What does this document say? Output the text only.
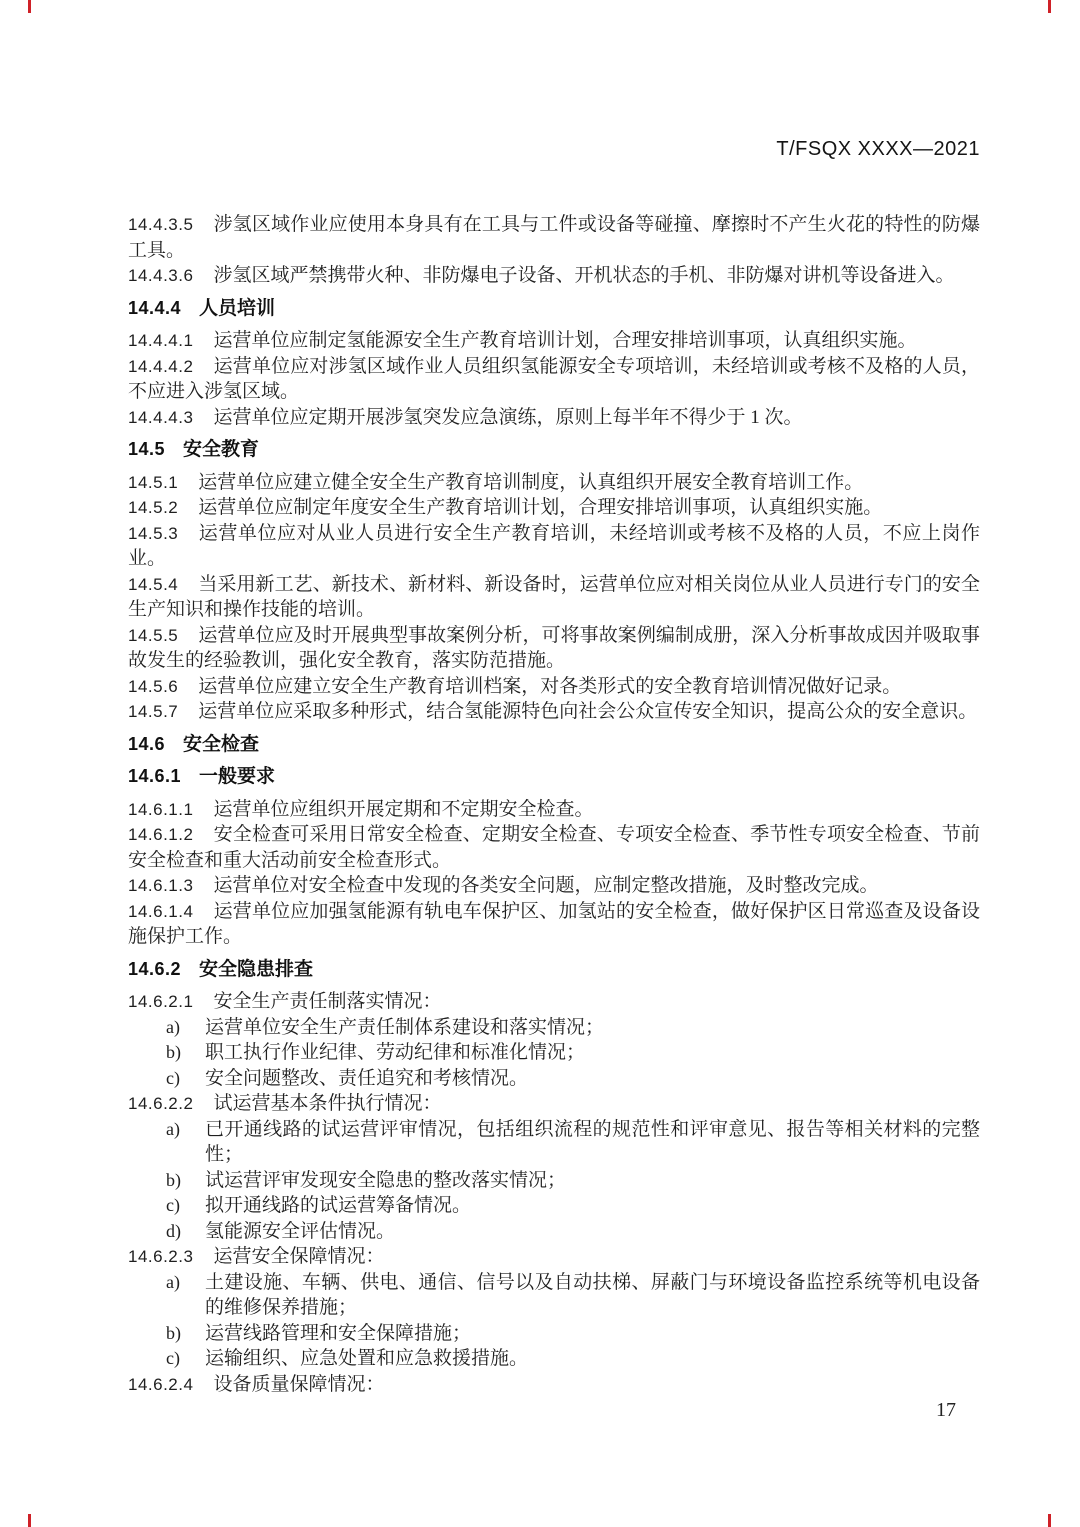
T/FSQX XXXX—2021

14.4.3.5 涉氢区域作业应使用本身具有在工具与工件或设备等碰撞、摩擦时不产生火花的特性的防爆工具。

14.4.3.6 涉氢区域严禁携带火种、非防爆电子设备、开机状态的手机、非防爆对讲机等设备进入。

14.4.4 人员培训

14.4.4.1 运营单位应制定氢能源安全生产教育培训计划，合理安排培训事项，认真组织实施。

14.4.4.2 运营单位应对涉氢区域作业人员组织氢能源安全专项培训，未经培训或考核不及格的人员，不应进入涉氢区域。

14.4.4.3 运营单位应定期开展涉氢突发应急演练，原则上每半年不得少于 1 次。

14.5 安全教育

14.5.1 运营单位应建立健全安全生产教育培训制度，认真组织开展安全教育培训工作。

14.5.2 运营单位应制定年度安全生产教育培训计划，合理安排培训事项，认真组织实施。

14.5.3 运营单位应对从业人员进行安全生产教育培训，未经培训或考核不及格的人员，不应上岗作业。

14.5.4 当采用新工艺、新技术、新材料、新设备时，运营单位应对相关岗位从业人员进行专门的安全生产知识和操作技能的培训。

14.5.5 运营单位应及时开展典型事故案例分析，可将事故案例编制成册，深入分析事故成因并吸取事故发生的经验教训，强化安全教育，落实防范措施。

14.5.6 运营单位应建立安全生产教育培训档案，对各类形式的安全教育培训情况做好记录。

14.5.7 运营单位应采取多种形式，结合氢能源特色向社会公众宣传安全知识，提高公众的安全意识。

14.6 安全检查

14.6.1 一般要求

14.6.1.1 运营单位应组织开展定期和不定期安全检查。

14.6.1.2 安全检查可采用日常安全检查、定期安全检查、专项安全检查、季节性专项安全检查、节前安全检查和重大活动前安全检查形式。

14.6.1.3 运营单位对安全检查中发现的各类安全问题，应制定整改措施，及时整改完成。

14.6.1.4 运营单位应加强氢能源有轨电车保护区、加氢站的安全检查，做好保护区日常巡查及设备设施保护工作。

14.6.2 安全隐患排查

14.6.2.1 安全生产责任制落实情况：

a) 运营单位安全生产责任制体系建设和落实情况；

b) 职工执行作业纪律、劳动纪律和标准化情况；

c) 安全问题整改、责任追究和考核情况。

14.6.2.2 试运营基本条件执行情况：

a) 已开通线路的试运营评审情况，包括组织流程的规范性和评审意见、报告等相关材料的完整性；

b) 试运营评审发现安全隐患的整改落实情况；

c) 拟开通线路的试运营筹备情况。

d) 氢能源安全评估情况。

14.6.2.3 运营安全保障情况：

a) 土建设施、车辆、供电、通信、信号以及自动扶梯、屏蔽门与环境设备监控系统等机电设备的维修保养措施；

b) 运营线路管理和安全保障措施；

c) 运输组织、应急处置和应急救援措施。

14.6.2.4 设备质量保障情况：

17
